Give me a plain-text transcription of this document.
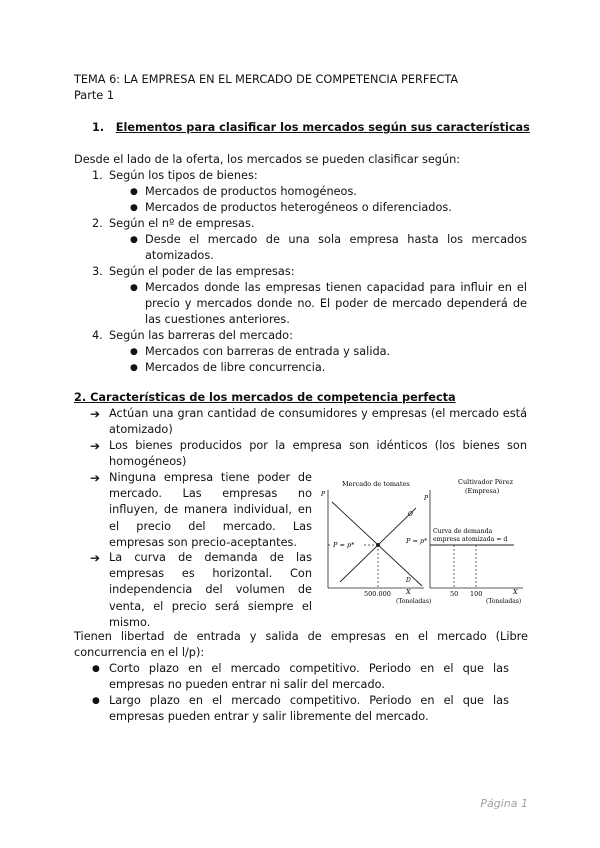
TEMA 6: LA EMPRESA EN EL MERCADO DE COMPETENCIA PERFECTA
Parte 1
1. Elementos para clasificar los mercados según sus características
Desde el lado de la oferta, los mercados se pueden clasificar según:
1. Según los tipos de bienes:
● Mercados de productos homogéneos.
● Mercados de productos heterogéneos o diferenciados.
2. Según el nº de empresas.
● Desde el mercado de una sola empresa hasta los mercados atomizados.
3. Según el poder de las empresas:
● Mercados donde las empresas tienen capacidad para influir en el precio y mercados donde no. El poder de mercado dependerá de las cuestiones anteriores.
4. Según las barreras del mercado:
● Mercados con barreras de entrada y salida.
● Mercados de libre concurrencia.
2. Características de los mercados de competencia perfecta
➔ Actúan una gran cantidad de consumidores y empresas (el mercado está atomizado)
➔ Los bienes producidos por la empresa son idénticos (los bienes son homogéneos)
➔ Ninguna empresa tiene poder de mercado. Las empresas no influyen, de manera individual, en el precio del mercado. Las empresas son precio-aceptantes.
➔ La curva de demanda de las empresas es horizontal. Con independencia del volumen de venta, el precio será siempre el mismo.
Mercado de tomates
P
O
P
D
P = p*
500.000 X
(Toneladas)
Cultivador Pérez
(Empresa)
Curva de demanda
empresa atomizada = d
P = p*
50 100	X
(Toneladas)
Tienen libertad de entrada y salida de empresas en el mercado (Libre concurrencia en el l/p):
● Corto plazo en el mercado competitivo. Periodo en el que las empresas no pueden entrar ni salir del mercado.
● Largo plazo en el mercado competitivo. Periodo en el que las empresas pueden entrar y salir libremente del mercado.
Página 1
